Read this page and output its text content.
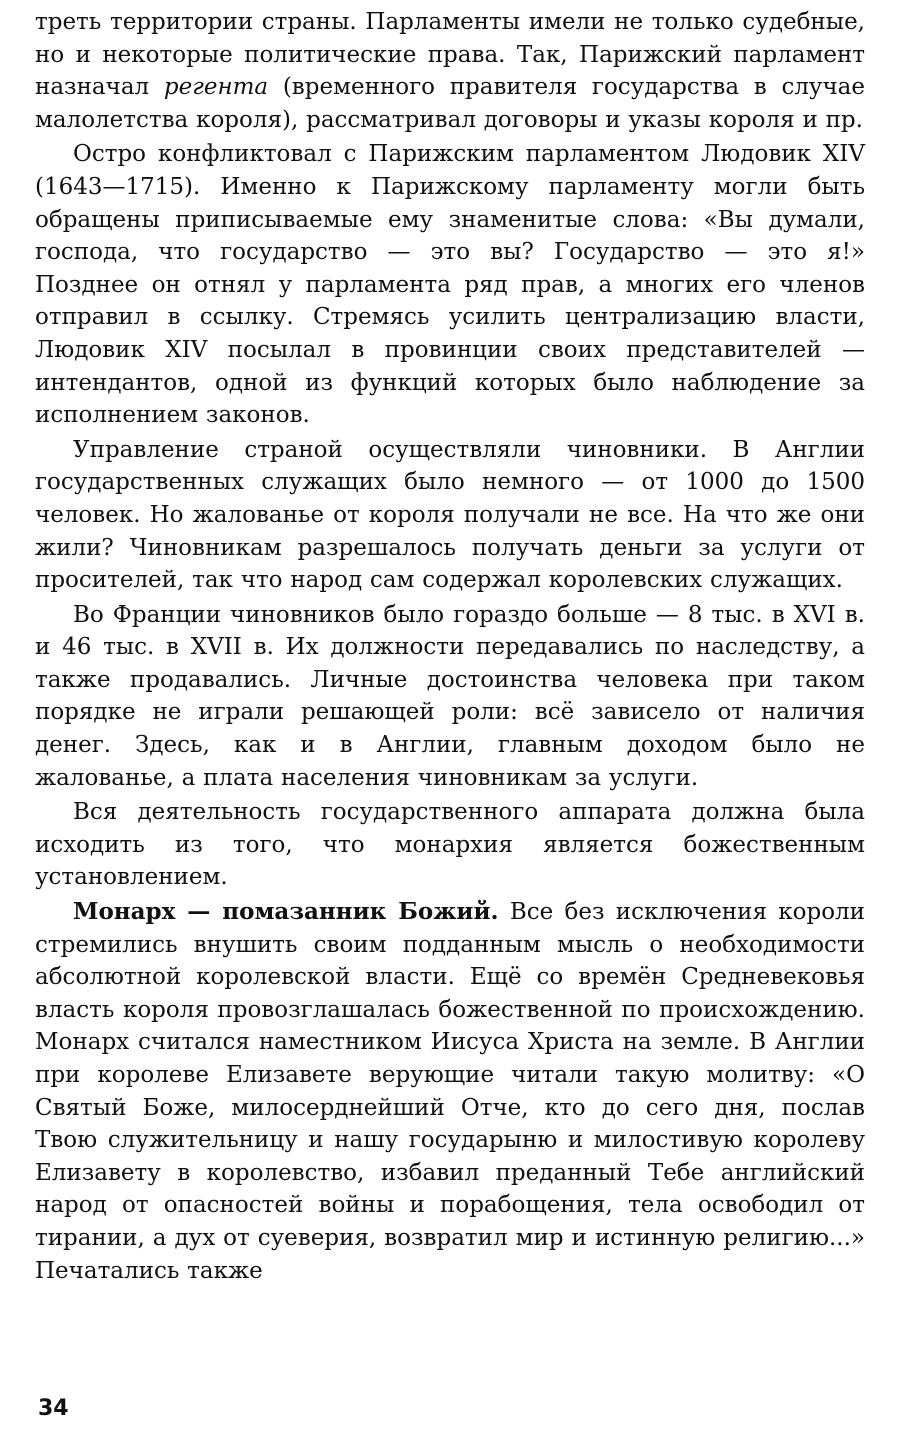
треть территории страны. Парламенты имели не только судебные, но и некоторые политические права. Так, Парижский парламент назначал регента (временного правителя государства в случае малолетства короля), рассматривал договоры и указы короля и пр.

Остро конфликтовал с Парижским парламентом Людовик XIV (1643—1715). Именно к Парижскому парламенту могли быть обращены приписываемые ему знаменитые слова: «Вы думали, господа, что государство — это вы? Государство — это я!» Позднее он отнял у парламента ряд прав, а многих его членов отправил в ссылку. Стремясь усилить централизацию власти, Людовик XIV посылал в провинции своих представителей — интендантов, одной из функций которых было наблюдение за исполнением законов.

Управление страной осуществляли чиновники. В Англии государственных служащих было немного — от 1000 до 1500 человек. Но жалованье от короля получали не все. На что же они жили? Чиновникам разрешалось получать деньги за услуги от просителей, так что народ сам содержал королевских служащих.

Во Франции чиновников было гораздо больше — 8 тыс. в XVI в. и 46 тыс. в XVII в. Их должности передавались по наследству, а также продавались. Личные достоинства человека при таком порядке не играли решающей роли: всё зависело от наличия денег. Здесь, как и в Англии, главным доходом было не жалованье, а плата населения чиновникам за услуги.

Вся деятельность государственного аппарата должна была исходить из того, что монархия является божественным установлением.

Монарх — помазанник Божий. Все без исключения короли стремились внушить своим подданным мысль о необходимости абсолютной королевской власти. Ещё со времён Средневековья власть короля провозглашалась божественной по происхождению. Монарх считался наместником Иисуса Христа на земле. В Англии при королеве Елизавете верующие читали такую молитву: «О Святый Боже, милосерднейший Отче, кто до сего дня, послав Твою служительницу и нашу государыню и милостивую королеву Елизавету в королевство, избавил преданный Тебе английский народ от опасностей войны и порабощения, тела освободил от тирании, а дух от суеверия, возвратил мир и истинную религию...» Печатались также

34
